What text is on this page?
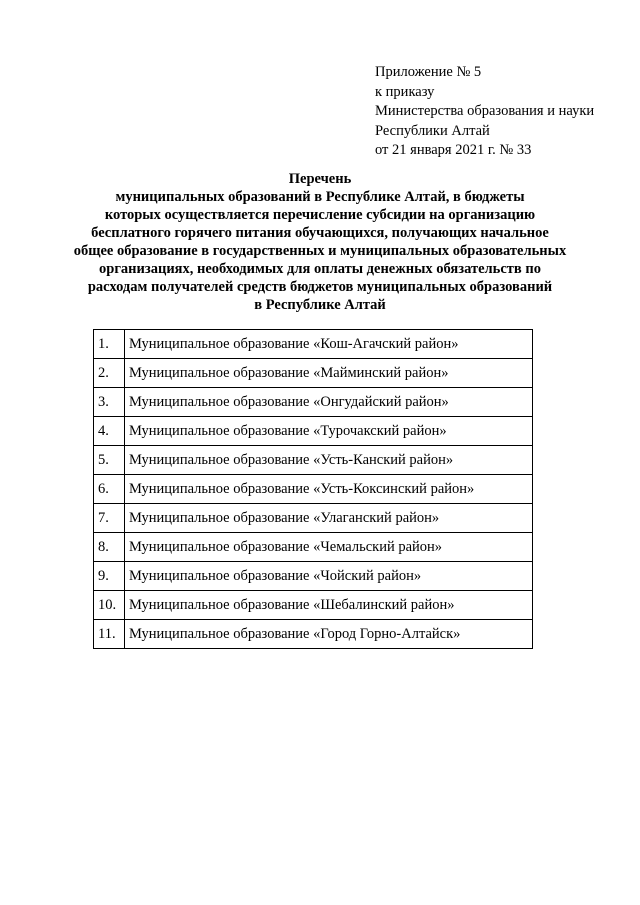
Приложение № 5
к приказу
Министерства образования и науки
Республики Алтай
от 21 января 2021 г. № 33
Перечень
муниципальных образований в Республике Алтай, в бюджеты
которых осуществляется перечисление субсидии на организацию
бесплатного горячего питания обучающихся, получающих начальное
общее образование в государственных и муниципальных образовательных
организациях, необходимых для оплаты денежных обязательств по
расходам получателей средств бюджетов муниципальных образований
в Республике Алтай
1.	Муниципальное образование «Кош-Агачский район»
2.	Муниципальное образование «Майминский район»
3.	Муниципальное образование «Онгудайский район»
4.	Муниципальное образование «Турочакский район»
5.	Муниципальное образование «Усть-Канский район»
6.	Муниципальное образование «Усть-Коксинский район»
7.	Муниципальное образование «Улаганский район»
8.	Муниципальное образование «Чемальский район»
9.	Муниципальное образование «Чойский район»
10.	Муниципальное образование «Шебалинский район»
11.	Муниципальное образование «Город Горно-Алтайск»
